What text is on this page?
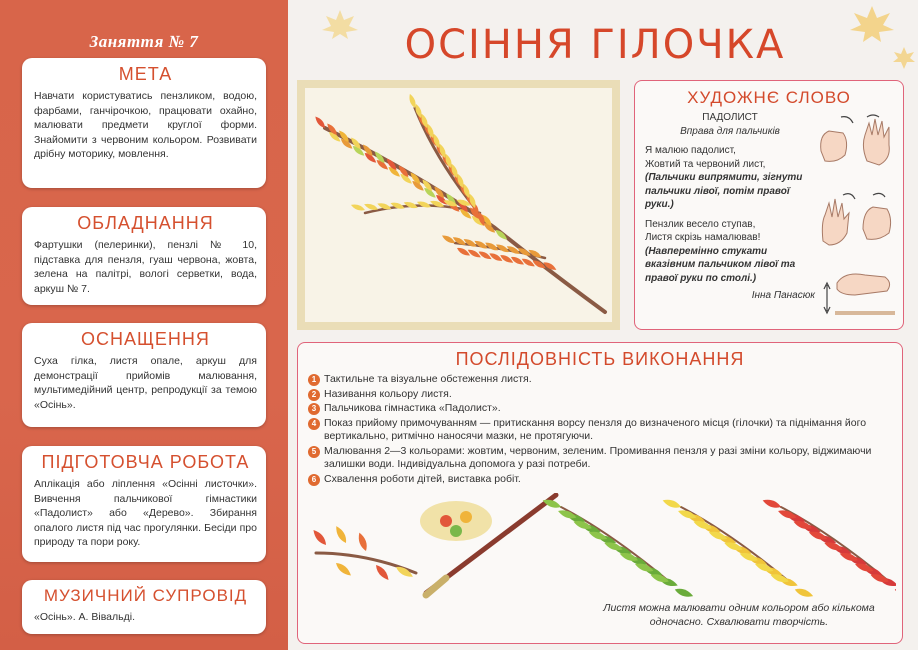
Заняття № 7
МЕТА

Навчати користуватись пензликом, водою, фарбами, ганчірочкою, працювати охайно, малювати предмети круглої форми. Знайомити з червоним кольором. Розвивати дрібну моторику, мовлення.

ОБЛАДНАННЯ

Фартушки (пелеринки), пензлі № 10, підставка для пензля, гуаш червона, жовта, зелена на палітрі, вологі серветки, вода, аркуш № 7.

ОСНАЩЕННЯ

Суха гілка, листя опале, аркуш для демонстрації прийомів малювання, мультимедійний центр, репродукції за темою «Осінь».

ПІДГОТОВЧА РОБОТА

Аплікація або ліплення «Осінні листочки». Вивчення пальчикової гімнастики «Падолист» або «Дерево». Збирання опалого листя під час прогулянки. Бесіди про природу та пори року.

МУЗИЧНИЙ СУПРОВІД

«Осінь». А. Вівальді.

ОСІННЯ ГІЛОЧКА
ХУДОЖНЄ СЛОВО
ПАДОЛИСТ
Вправа для пальчиків
Я малюю падолист,
Жовтий та червоний лист,
(Пальчики випрямити, зігнути пальчики лівої, потім правої руки.)
Пензлик весело ступав,
Листя скрізь намалював!
(Навперемінно стукати вказівним пальчиком лівої та правої руки по столі.)
Інна Панасюк
ПОСЛІДОВНІСТЬ ВИКОНАННЯ
1 Тактильне та візуальне обстеження листя.
2 Називання кольору листя.
3 Пальчикова гімнастика «Падолист».
4 Показ прийому примочуванням — притискання ворсу пензля до визначеного місця (гілочки) та піднімання його вертикально, ритмічно наносячи мазки, не протягуючи.
5 Малювання 2—3 кольорами: жовтим, червоним, зеленим. Промивання пензля у разі зміни кольору, віджимаючи залишки води. Індивідуальна допомога у разі потреби.
6 Схвалення роботи дітей, виставка робіт.
Листя можна малювати одним кольором або кількома одночасно. Схвалювати творчість.
